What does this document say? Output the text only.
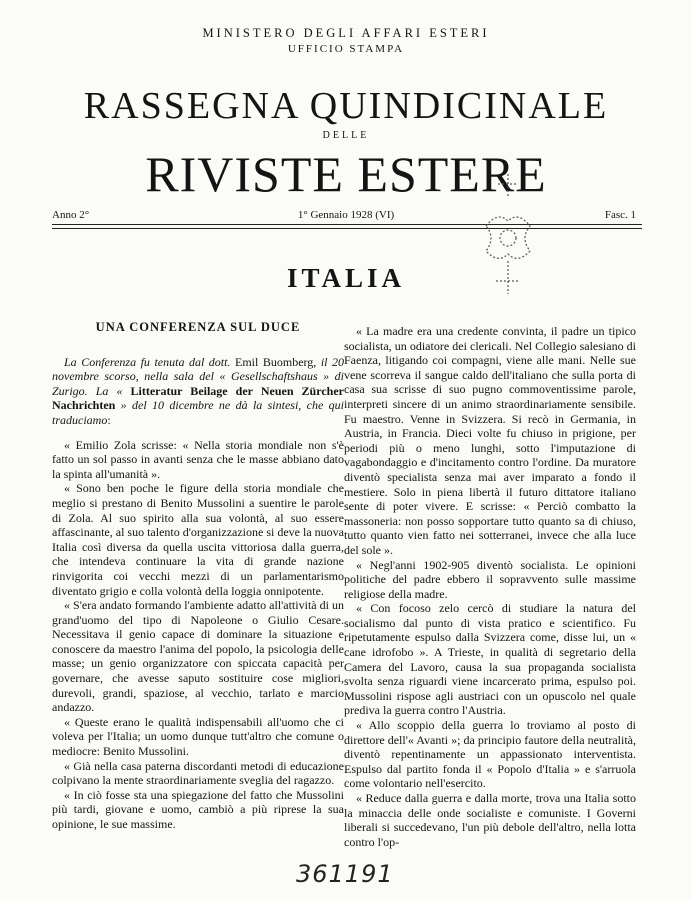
MINISTERO DEGLI AFFARI ESTERI
UFFICIO STAMPA
RASSEGNA QUINDICINALE
DELLE
RIVISTE ESTERE
Anno 2°	1° Gennaio 1928 (VI)	Fasc. 1
ITALIA

UNA CONFERENZA SUL DUCE

La Conferenza fu tenuta dal dott. Emil Buomberg, il 20 novembre scorso, nella sala del « Gesellschaftshaus » di Zurigo. La « Litteratur Beilage der Neuen Zürcher Nachrichten » del 10 dicembre ne dà la sintesi, che qui traduciamo:

« Emilio Zola scrisse: « Nella storia mondiale non s'è fatto un sol passo in avanti senza che le masse abbiano dato la spinta all'umanità ».

« Sono ben poche le figure della storia mondiale che meglio si prestano di Benito Mussolini a suentire le parole di Zola. Al suo spirito alla sua volontà, al suo essere affascinante, al suo talento d'organizzazione si deve la nuova Italia così diversa da quella uscita vittoriosa dalla guerra, che intendeva continuare la vita di grande nazione rinvigorita coi vecchi mezzi di un parlamentarismo diventato grigio e colla volontà della loggia onnipotente.

« S'era andato formando l'ambiente adatto all'attività di un grand'uomo del tipo di Napoleone o Giulio Cesare. Necessitava il genio capace di dominare la situazione e conoscere da maestro l'anima del popolo, la psicologia delle masse; un genio organizzatore con spiccata capacità per governare, che avesse saputo sostituire cose migliori, durevoli, grandi, spaziose, al vecchio, tarlato e marcio andazzo.

« Queste erano le qualità indispensabili all'uomo che ci voleva per l'Italia; un uomo dunque tutt'altro che comune o mediocre: Benito Mussolini.

« Già nella casa paterna discordanti metodi di educazione colpivano la mente straordinariamente sveglia del ragazzo.

« In ciò fosse sta una spiegazione del fatto che Mussolini più tardi, giovane e uomo, cambiò a più riprese la sua opinione, le sue massime.

« La madre era una credente convinta, il padre un tipico socialista, un odiatore dei clericali. Nel Collegio salesiano di Faenza, litigando coi compagni, viene alle mani. Nelle sue vene scorreva il sangue caldo dell'italiano che sulla porta di casa sua scrisse di suo pugno commoventissime parole, interpreti sincere di un animo straordinariamente sensibile. Fu maestro. Venne in Svizzera. Si recò in Germania, in Austria, in Francia. Dieci volte fu chiuso in prigione, per periodi più o meno lunghi, sotto l'imputazione di vagabondaggio e d'incitamento contro l'ordine. Da muratore diventò specialista senza mai aver imparato a fondo il mestiere. Solo in piena libertà il futuro dittatore italiano sente di poter vivere. E scrisse: « Perciò combatto la massoneria: non posso sopportare tutto quanto sa di chiuso, tutto quanto vien fatto nei sotterranei, invece che alla luce del sole ».

« Negl'anni 1902-905 diventò socialista. Le opinioni politiche del padre ebbero il sopravvento sulle massime religiose della madre.

« Con focoso zelo cercò di studiare la natura del socialismo dal punto di vista pratico e scientifico. Fu ripetutamente espulso dalla Svizzera come, disse lui, un « cane idrofobo ». A Trieste, in qualità di segretario della Camera del Lavoro, causa la sua propaganda socialista svolta senza riguardi viene incarcerato prima, espulso poi. Mussolini rispose agli austriaci con un opuscolo nel quale prediva la guerra contro l'Austria.

« Allo scoppio della guerra lo troviamo al posto di direttore dell'« Avanti »; da principio fautore della neutralità, diventò repentinamente un appassionato interventista. Espulso dal partito fonda il « Popolo d'Italia » e s'arruola come volontario nell'esercito.

« Reduce dalla guerra e dalla morte, trova una Italia sotto la minaccia delle onde socialiste e comuniste. I Governi liberali si succedevano, l'un più debole dell'altro, nella lotta contro l'op-

361191
